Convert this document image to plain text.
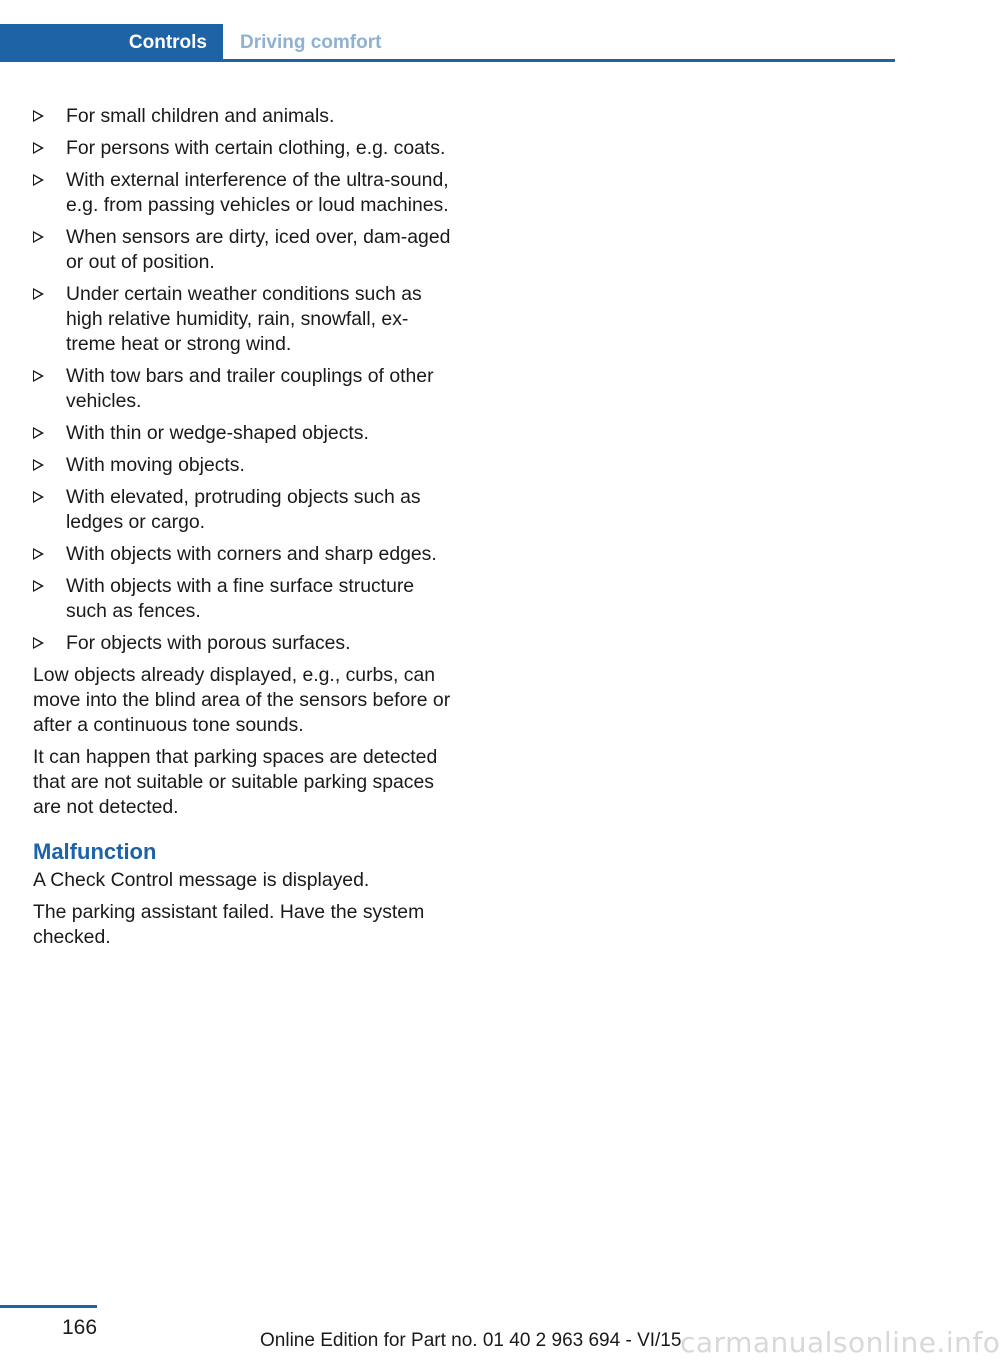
Controls	Driving comfort
For small children and animals.
For persons with certain clothing, e.g. coats.
With external interference of the ultra‐sound, e.g. from passing vehicles or loud machines.
When sensors are dirty, iced over, dam‐aged or out of position.
Under certain weather conditions such as high relative humidity, rain, snowfall, ex‐treme heat or strong wind.
With tow bars and trailer couplings of other vehicles.
With thin or wedge-shaped objects.
With moving objects.
With elevated, protruding objects such as ledges or cargo.
With objects with corners and sharp edges.
With objects with a fine surface structure such as fences.
For objects with porous surfaces.

Low objects already displayed, e.g., curbs, can move into the blind area of the sensors before or after a continuous tone sounds.

It can happen that parking spaces are detected that are not suitable or suitable parking spaces are not detected.

Malfunction

A Check Control message is displayed.

The parking assistant failed. Have the system checked.

166
Online Edition for Part no. 01 40 2 963 694 - VI/15
carmanualsonline.info
